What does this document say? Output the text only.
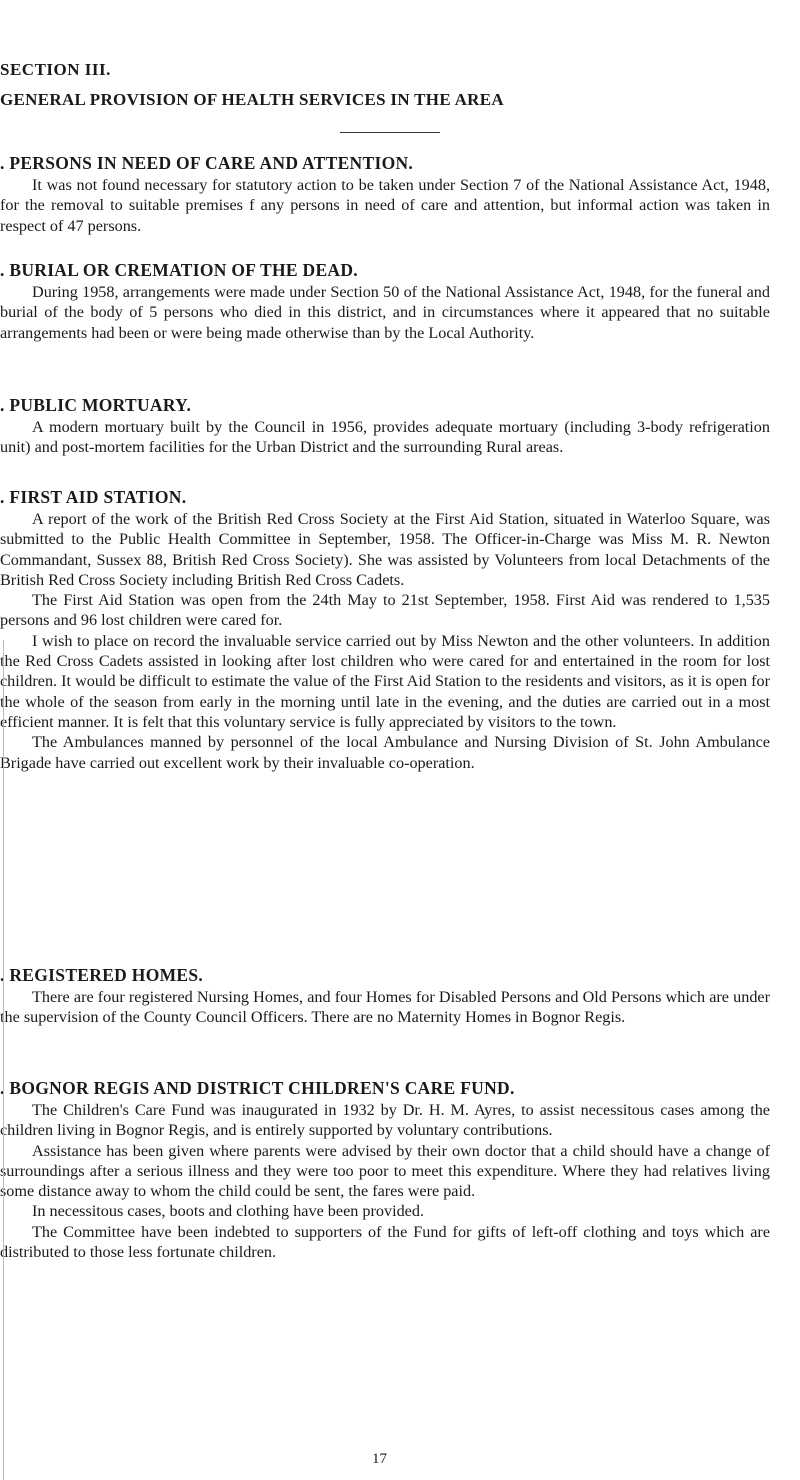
SECTION III.
GENERAL PROVISION OF HEALTH SERVICES IN THE AREA
. PERSONS IN NEED OF CARE AND ATTENTION.

It was not found necessary for statutory action to be taken under Section 7 of the National Assistance Act, 1948, for the removal to suitable premises f any persons in need of care and attention, but informal action was taken in respect of 47 persons.

. BURIAL OR CREMATION OF THE DEAD.

During 1958, arrangements were made under Section 50 of the National Assistance Act, 1948, for the funeral and burial of the body of 5 persons who died in this district, and in circumstances where it appeared that no suitable arrangements had been or were being made otherwise than by the Local Authority.

. PUBLIC MORTUARY.

A modern mortuary built by the Council in 1956, provides adequate mortuary (including 3-body refrigeration unit) and post-mortem facilities for the Urban District and the surrounding Rural areas.

. FIRST AID STATION.

A report of the work of the British Red Cross Society at the First Aid Station, situated in Waterloo Square, was submitted to the Public Health Committee in September, 1958. The Officer-in-Charge was Miss M. R. Newton Commandant, Sussex 88, British Red Cross Society). She was assisted by Volunteers from local Detachments of the British Red Cross Society including British Red Cross Cadets.

The First Aid Station was open from the 24th May to 21st September, 1958. First Aid was rendered to 1,535 persons and 96 lost children were cared for.

I wish to place on record the invaluable service carried out by Miss Newton and the other volunteers. In addition the Red Cross Cadets assisted in looking after lost children who were cared for and entertained in the room for lost children. It would be difficult to estimate the value of the First Aid Station to the residents and visitors, as it is open for the whole of the season from early in the morning until late in the evening, and the duties are carried out in a most efficient manner. It is felt that this voluntary service is fully appreciated by visitors to the town.

The Ambulances manned by personnel of the local Ambulance and Nursing Division of St. John Ambulance Brigade have carried out excellent work by their invaluable co-operation.

. REGISTERED HOMES.

There are four registered Nursing Homes, and four Homes for Disabled Persons and Old Persons which are under the supervision of the County Council Officers. There are no Maternity Homes in Bognor Regis.

. BOGNOR REGIS AND DISTRICT CHILDREN'S CARE FUND.

The Children's Care Fund was inaugurated in 1932 by Dr. H. M. Ayres, to assist necessitous cases among the children living in Bognor Regis, and is entirely supported by voluntary contributions.

Assistance has been given where parents were advised by their own doctor that a child should have a change of surroundings after a serious illness and they were too poor to meet this expenditure. Where they had relatives living some distance away to whom the child could be sent, the fares were paid.

In necessitous cases, boots and clothing have been provided.

The Committee have been indebted to supporters of the Fund for gifts of left-off clothing and toys which are distributed to those less fortunate children.

17
